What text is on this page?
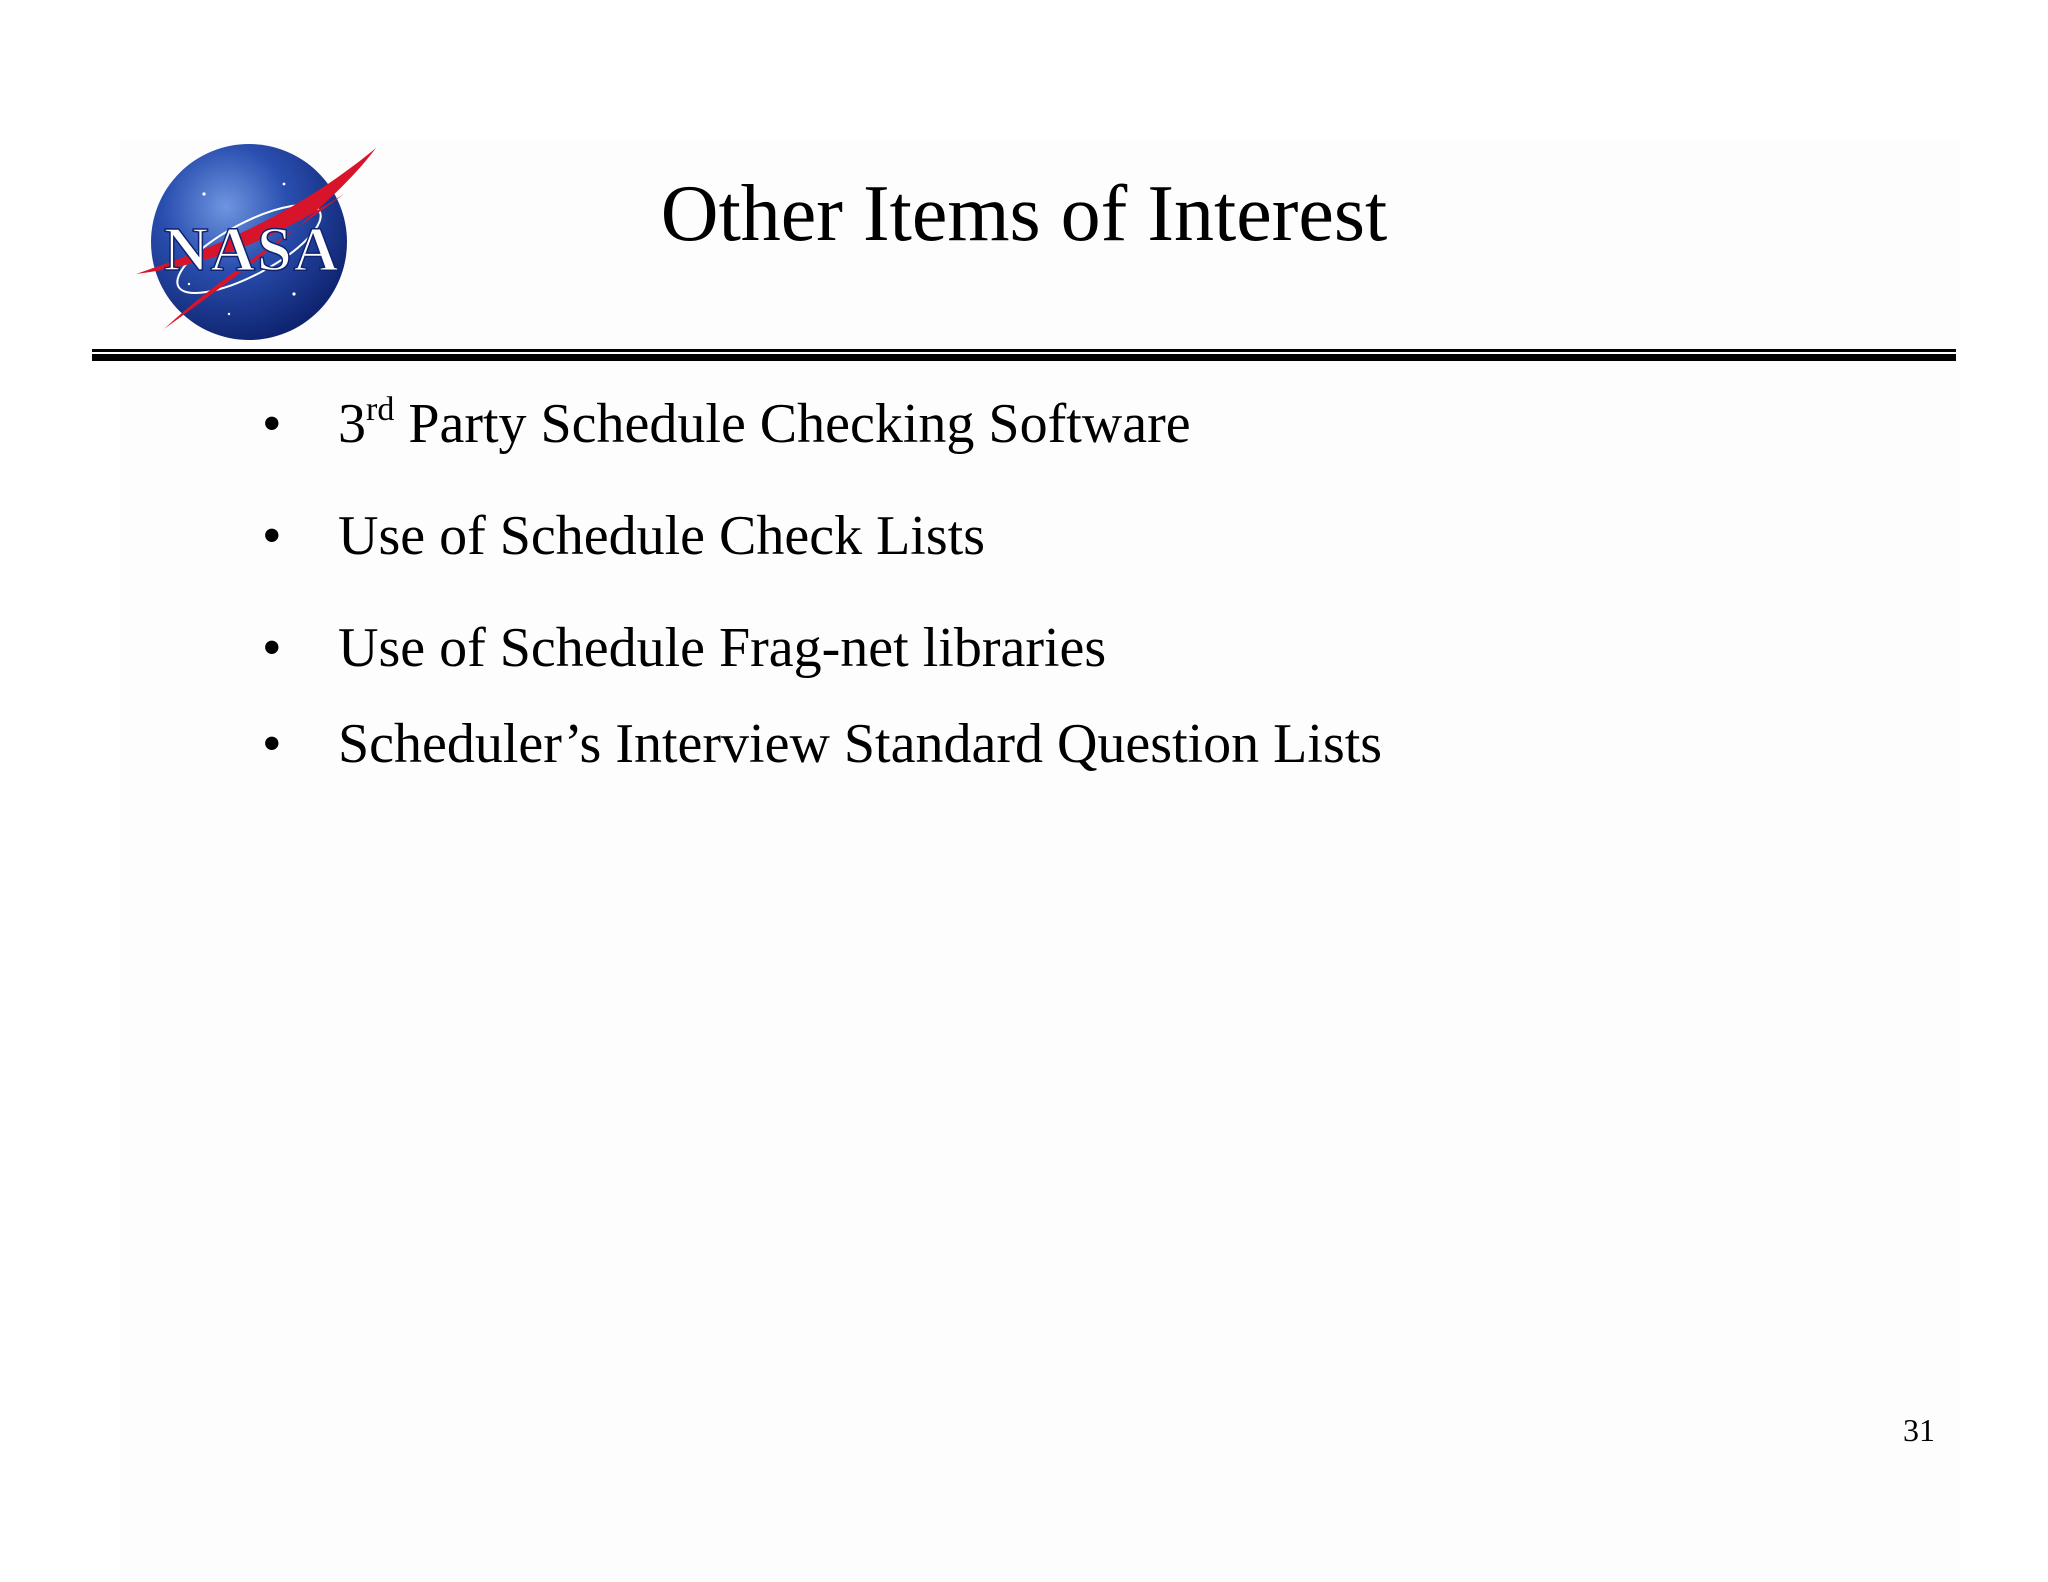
NASA	Other Items of Interest
• 3rd Party Schedule Checking Software
• Use of Schedule Check Lists
• Use of Schedule Frag-net libraries
• Scheduler’s Interview Standard Question Lists
31
